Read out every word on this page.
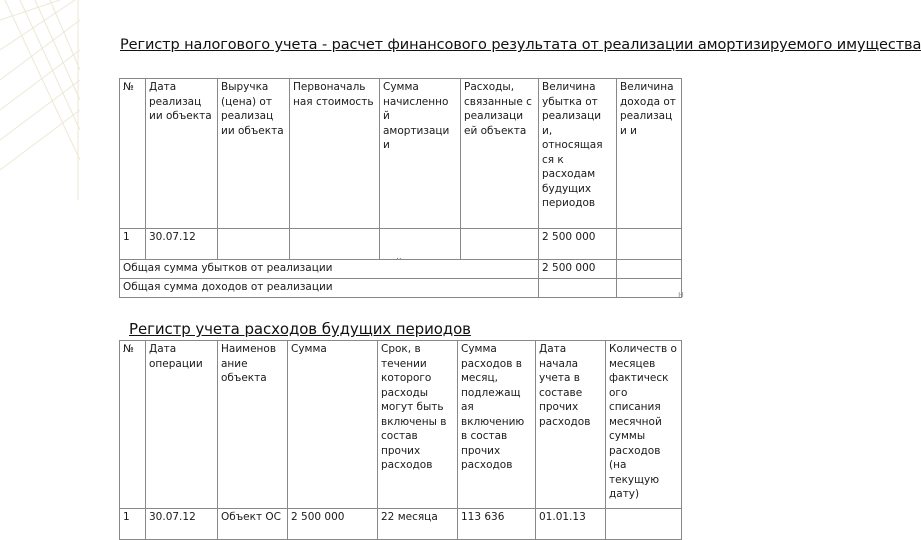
Регистр налогового учета - расчет финансового результата от реализации амортизируемого имущества
№	Дата реализац ии объекта	Выручка (цена) от реализац ии объекта	Первоначаль ная стоимость	Сумма начисленно й амортизаци и	Расходы, связанные с реализаци ей объекта	Величина убытка от реализаци и, относящая ся к расходам будущих периодов	Величина дохода от реализаци и
1	30.07.12					2 500 000	
Общая сумма убытков от реализации						2 500 000	
Общая сумма доходов от реализации							
..
н
Регистр учета расходов будущих периодов
№	Дата операции	Наименов ание объекта	Сумма	Срок, в течении которого расходы могут быть включены в состав прочих расходов	Сумма расходов в месяц, подлежащ ая включению в состав прочих расходов	Дата начала учета в составе прочих расходов	Количеств о месяцев фактическ ого списания месячной суммы расходов (на текущую дату)
1	30.07.12	Объект ОС	2 500 000	22 месяца	113 636	01.01.13	
